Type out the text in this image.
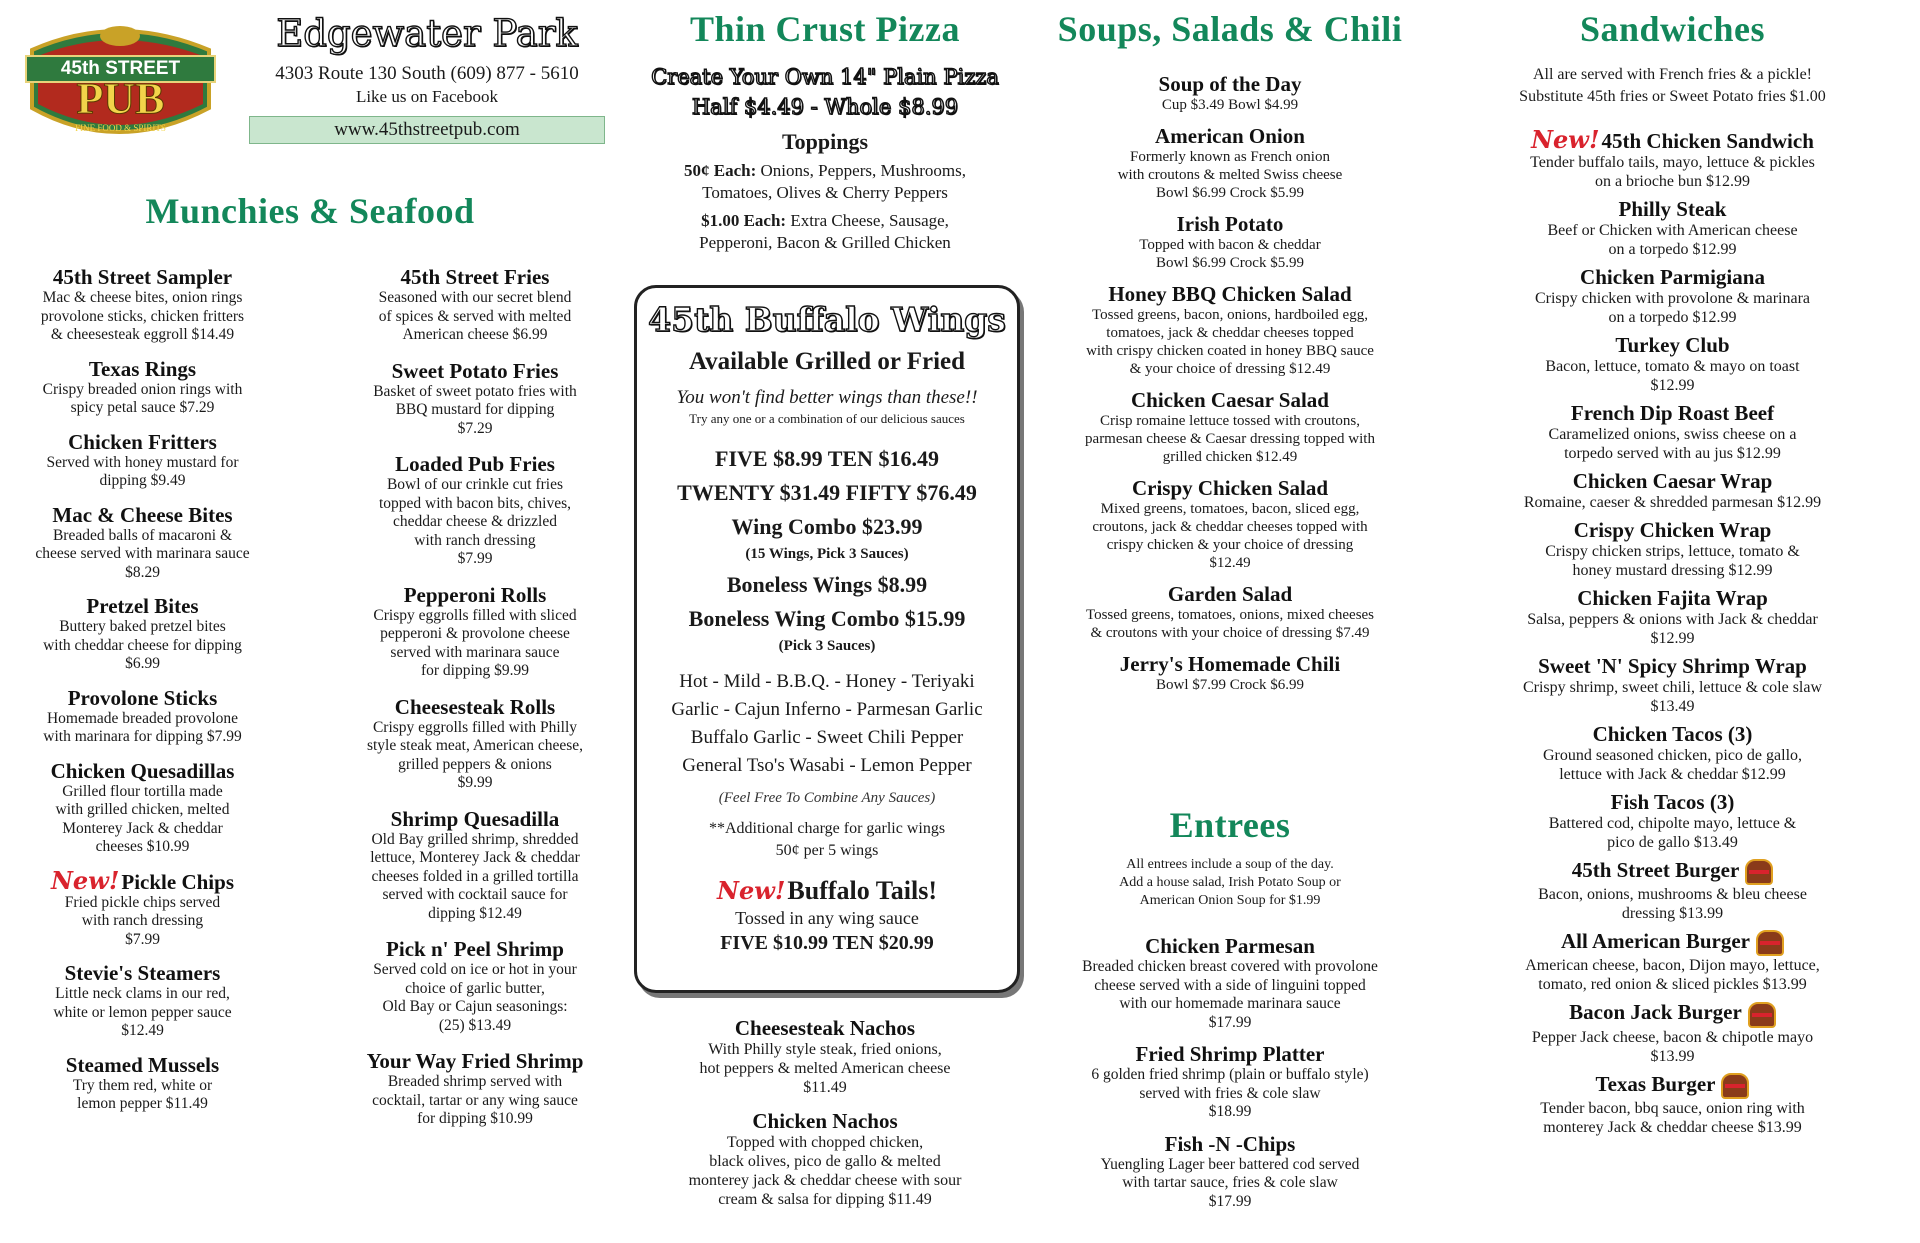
45th STREET
PUB
FINE FOOD & SPIRITS
Edgewater Park
4303 Route 130 South (609) 877 - 5610
Like us on Facebook
www.45thstreetpub.com
Munchies & Seafood
45th Street Sampler
Mac & cheese bites, onion rings
provolone sticks, chicken fritters
& cheesesteak eggroll $14.49
Texas Rings
Crispy breaded onion rings with
spicy petal sauce $7.29
Chicken Fritters
Served with honey mustard for
dipping $9.49
Mac & Cheese Bites
Breaded balls of macaroni &
cheese served with marinara sauce
$8.29
Pretzel Bites
Buttery baked pretzel bites
with cheddar cheese for dipping
$6.99
Provolone Sticks
Homemade breaded provolone
with marinara for dipping $7.99
Chicken Quesadillas
Grilled flour tortilla made
with grilled chicken, melted
Monterey Jack & cheddar
cheeses $10.99
New!Pickle Chips
Fried pickle chips served
with ranch dressing
$7.99
Stevie's Steamers
Little neck clams in our red,
white or lemon pepper sauce
$12.49
Steamed Mussels
Try them red, white or
lemon pepper $11.49
45th Street Fries
Seasoned with our secret blend
of spices & served with melted
American cheese $6.99
Sweet Potato Fries
Basket of sweet potato fries with
BBQ mustard for dipping
$7.29
Loaded Pub Fries
Bowl of our crinkle cut fries
topped with bacon bits, chives,
cheddar cheese & drizzled
with ranch dressing
$7.99
Pepperoni Rolls
Crispy eggrolls filled with sliced
pepperoni & provolone cheese
served with marinara sauce
for dipping $9.99
Cheesesteak Rolls
Crispy eggrolls filled with Philly
style steak meat, American cheese,
grilled peppers & onions
$9.99
Shrimp Quesadilla
Old Bay grilled shrimp, shredded
lettuce, Monterey Jack & cheddar
cheeses folded in a grilled tortilla
served with cocktail sauce for
dipping $12.49
Pick n' Peel Shrimp
Served cold on ice or hot in your
choice of garlic butter,
Old Bay or Cajun seasonings:
(25) $13.49
Your Way Fried Shrimp
Breaded shrimp served with
cocktail, tartar or any wing sauce
for dipping $10.99
Thin Crust Pizza
Create Your Own 14" Plain Pizza
Half $4.49 - Whole $8.99
Toppings
50¢ Each: Onions, Peppers, Mushrooms,
Tomatoes, Olives & Cherry Peppers
$1.00 Each: Extra Cheese, Sausage,
Pepperoni, Bacon & Grilled Chicken
45th Buffalo Wings
Available Grilled or Fried
You won't find better wings than these!!
Try any one or a combination of our delicious sauces
FIVE $8.99 TEN $16.49
TWENTY $31.49 FIFTY $76.49
Wing Combo $23.99
(15 Wings, Pick 3 Sauces)
Boneless Wings $8.99
Boneless Wing Combo $15.99
(Pick 3 Sauces)
Hot - Mild - B.B.Q. - Honey - Teriyaki
Garlic - Cajun Inferno - Parmesan Garlic
Buffalo Garlic - Sweet Chili Pepper
General Tso's Wasabi - Lemon Pepper
(Feel Free To Combine Any Sauces)
**Additional charge for garlic wings
50¢ per 5 wings
New!Buffalo Tails!
Tossed in any wing sauce
FIVE $10.99 TEN $20.99
Cheesesteak Nachos
With Philly style steak, fried onions,
hot peppers & melted American cheese
$11.49
Chicken Nachos
Topped with chopped chicken,
black olives, pico de gallo & melted
monterey jack & cheddar cheese with sour
cream & salsa for dipping $11.49
Soups, Salads & Chili
Soup of the Day
Cup $3.49 Bowl $4.99
American Onion
Formerly known as French onion
with croutons & melted Swiss cheese
Bowl $6.99 Crock $5.99
Irish Potato
Topped with bacon & cheddar
Bowl $6.99 Crock $5.99
Honey BBQ Chicken Salad
Tossed greens, bacon, onions, hardboiled egg,
tomatoes, jack & cheddar cheeses topped
with crispy chicken coated in honey BBQ sauce
& your choice of dressing $12.49
Chicken Caesar Salad
Crisp romaine lettuce tossed with croutons,
parmesan cheese & Caesar dressing topped with
grilled chicken $12.49
Crispy Chicken Salad
Mixed greens, tomatoes, bacon, sliced egg,
croutons, jack & cheddar cheeses topped with
crispy chicken & your choice of dressing
$12.49
Garden Salad
Tossed greens, tomatoes, onions, mixed cheeses
& croutons with your choice of dressing $7.49
Jerry's Homemade Chili
Bowl $7.99 Crock $6.99
Entrees
All entrees include a soup of the day.
Add a house salad, Irish Potato Soup or
American Onion Soup for $1.99
Chicken Parmesan
Breaded chicken breast covered with provolone
cheese served with a side of linguini topped
with our homemade marinara sauce
$17.99
Fried Shrimp Platter
6 golden fried shrimp (plain or buffalo style)
served with fries & cole slaw
$18.99
Fish -N -Chips
Yuengling Lager beer battered cod served
with tartar sauce, fries & cole slaw
$17.99
Sandwiches
All are served with French fries & a pickle!
Substitute 45th fries or Sweet Potato fries $1.00
New!45th Chicken Sandwich
Tender buffalo tails, mayo, lettuce & pickles
on a brioche bun $12.99
Philly Steak
Beef or Chicken with American cheese
on a torpedo $12.99
Chicken Parmigiana
Crispy chicken with provolone & marinara
on a torpedo $12.99
Turkey Club
Bacon, lettuce, tomato & mayo on toast
$12.99
French Dip Roast Beef
Caramelized onions, swiss cheese on a
torpedo served with au jus $12.99
Chicken Caesar Wrap
Romaine, caeser & shredded parmesan $12.99
Crispy Chicken Wrap
Crispy chicken strips, lettuce, tomato &
honey mustard dressing $12.99
Chicken Fajita Wrap
Salsa, peppers & onions with Jack & cheddar
$12.99
Sweet 'N' Spicy Shrimp Wrap
Crispy shrimp, sweet chili, lettuce & cole slaw
$13.49
Chicken Tacos (3)
Ground seasoned chicken, pico de gallo,
lettuce with Jack & cheddar $12.99
Fish Tacos (3)
Battered cod, chipolte mayo, lettuce &
pico de gallo $13.49
45th Street Burger
Bacon, onions, mushrooms & bleu cheese
dressing $13.99
All American Burger
American cheese, bacon, Dijon mayo, lettuce,
tomato, red onion & sliced pickles $13.99
Bacon Jack Burger
Pepper Jack cheese, bacon & chipotle mayo
$13.99
Texas Burger
Tender bacon, bbq sauce, onion ring with
monterey Jack & cheddar cheese $13.99
